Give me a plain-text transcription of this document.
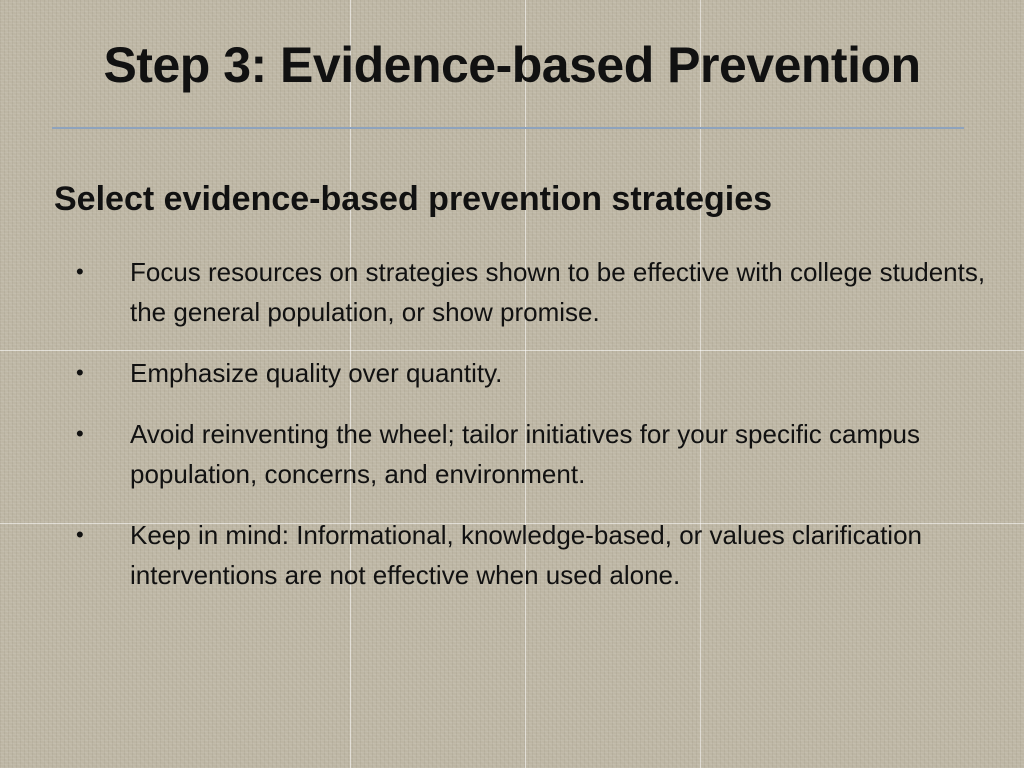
Step 3: Evidence-based Prevention
Select evidence-based prevention strategies
•	Focus resources on strategies shown to be effective with college students, the general population, or show promise.
•	Emphasize quality over quantity.
•	Avoid reinventing the wheel; tailor initiatives for your specific campus population, concerns, and environment.
•	Keep in mind: Informational, knowledge-based, or values clarification interventions are not effective when used alone.
